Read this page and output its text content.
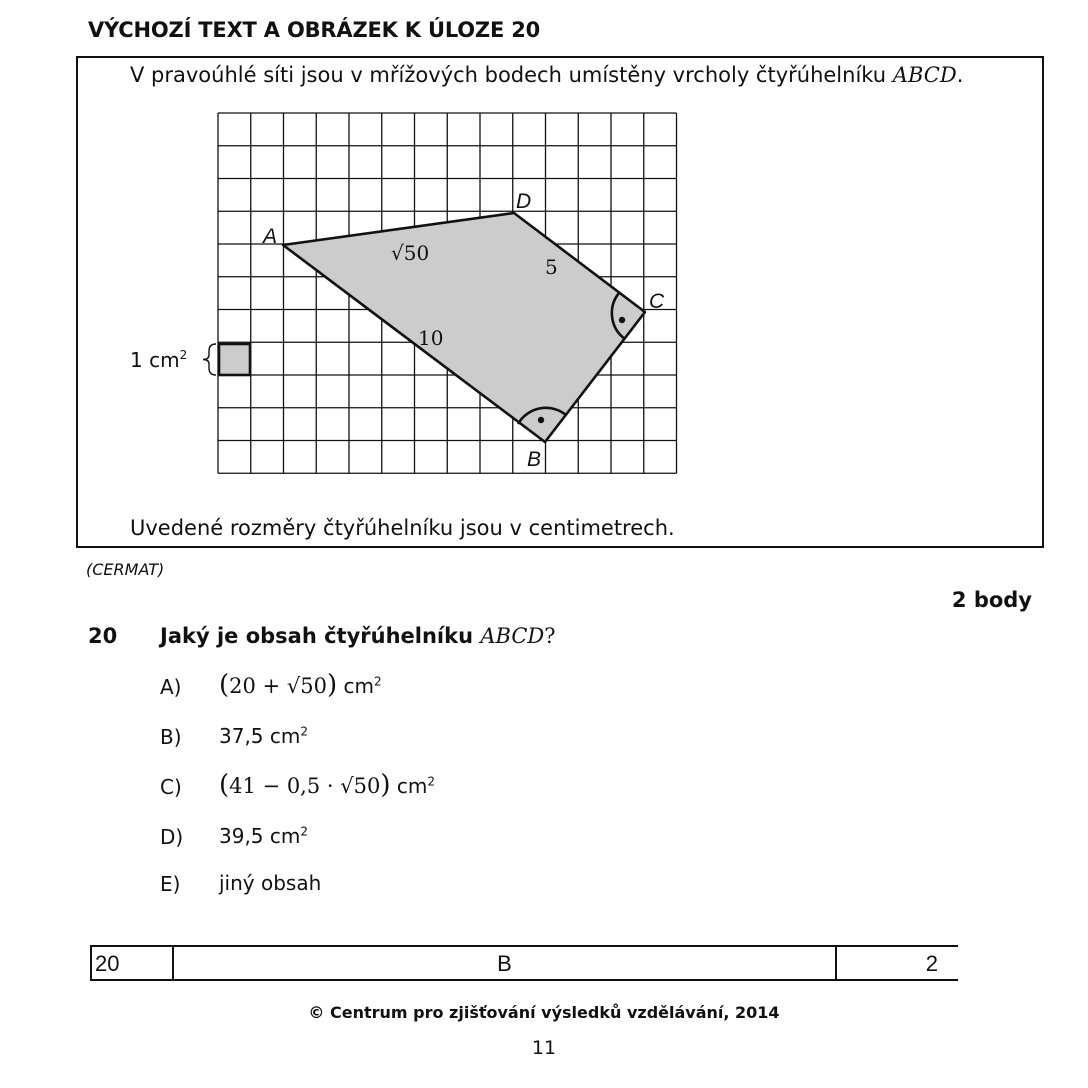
VÝCHOZÍ TEXT A OBRÁZEK K ÚLOZE 20
V pravoúhlé síti jsou v mřížových bodech umístěny vrcholy čtyřúhelníku ABCD.
A
D
C
B
√50
5
10
1 $cm^2$
Uvedené rozměry čtyřúhelníku jsou v centimetrech.
(CERMAT)
2 body
20 Jaký je obsah čtyřúhelníku ABCD?
A) (20 + √50) $cm^2$
B) 37,5 $cm^2$
C) (41 − 0,5 · √50) $cm^2$
D) 39,5 $cm^2$
E) jiný obsah
20	B	2
© Centrum pro zjišťování výsledků vzdělávání, 2014
11
